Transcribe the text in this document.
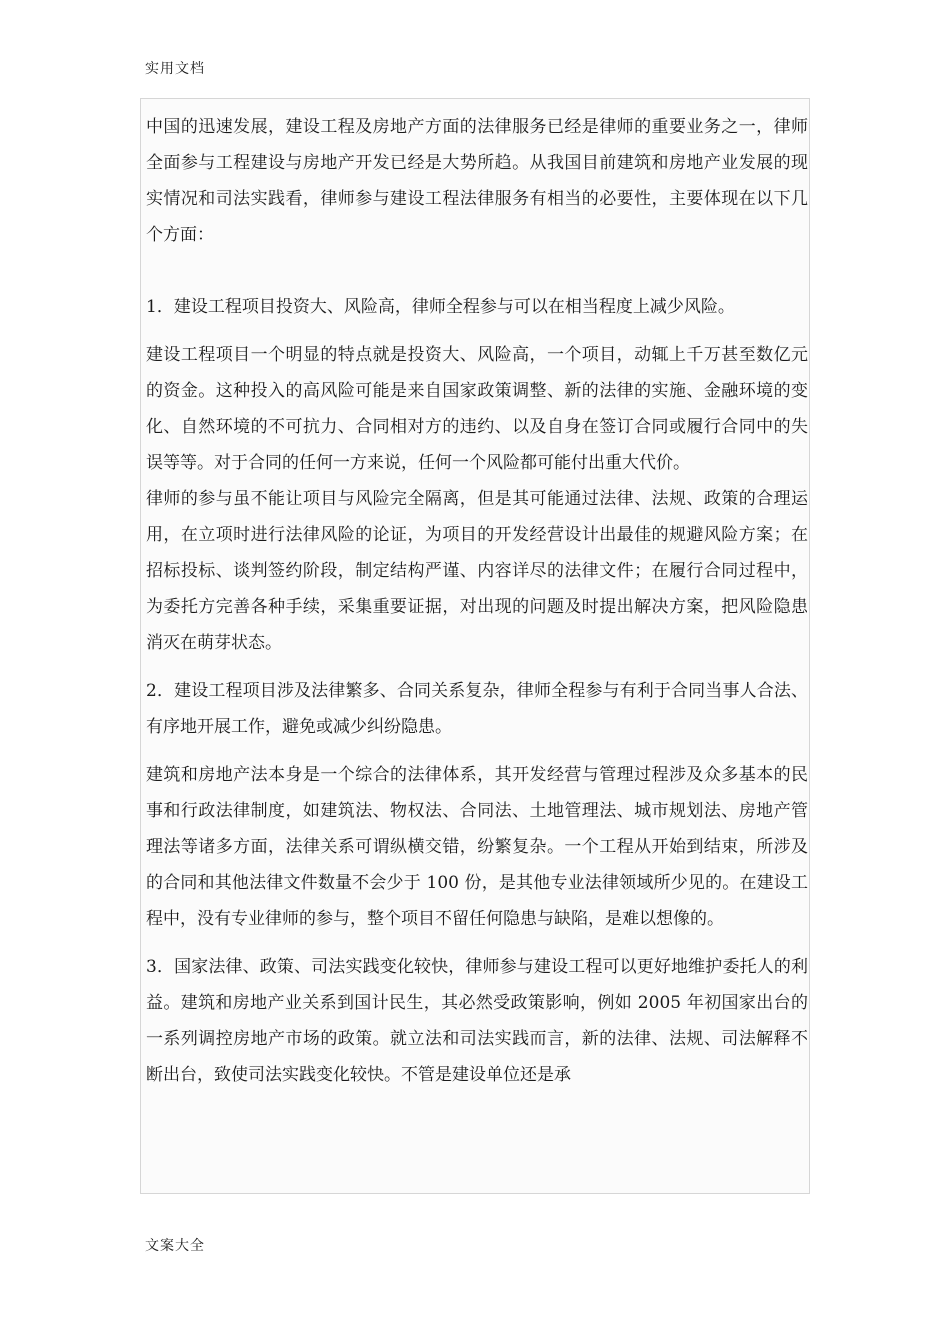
实用文档

中国的迅速发展，建设工程及房地产方面的法律服务已经是律师的重要业务之一，律师全面参与工程建设与房地产开发已经是大势所趋。从我国目前建筑和房地产业发展的现实情况和司法实践看，律师参与建设工程法律服务有相当的必要性，主要体现在以下几个方面：

1．建设工程项目投资大、风险高，律师全程参与可以在相当程度上减少风险。

建设工程项目一个明显的特点就是投资大、风险高，一个项目，动辄上千万甚至数亿元的资金。这种投入的高风险可能是来自国家政策调整、新的法律的实施、金融环境的变化、自然环境的不可抗力、合同相对方的违约、以及自身在签订合同或履行合同中的失误等等。对于合同的任何一方来说，任何一个风险都可能付出重大代价。

律师的参与虽不能让项目与风险完全隔离，但是其可能通过法律、法规、政策的合理运用，在立项时进行法律风险的论证，为项目的开发经营设计出最佳的规避风险方案；在招标投标、谈判签约阶段，制定结构严谨、内容详尽的法律文件；在履行合同过程中，为委托方完善各种手续，采集重要证据，对出现的问题及时提出解决方案，把风险隐患消灭在萌芽状态。

2．建设工程项目涉及法律繁多、合同关系复杂，律师全程参与有利于合同当事人合法、有序地开展工作，避免或减少纠纷隐患。

建筑和房地产法本身是一个综合的法律体系，其开发经营与管理过程涉及众多基本的民事和行政法律制度，如建筑法、物权法、合同法、土地管理法、城市规划法、房地产管理法等诸多方面，法律关系可谓纵横交错，纷繁复杂。一个工程从开始到结束，所涉及的合同和其他法律文件数量不会少于 100 份，是其他专业法律领域所少见的。在建设工程中，没有专业律师的参与，整个项目不留任何隐患与缺陷，是难以想像的。

3．国家法律、政策、司法实践变化较快，律师参与建设工程可以更好地维护委托人的利益。建筑和房地产业关系到国计民生，其必然受政策影响，例如 2005 年初国家出台的一系列调控房地产市场的政策。就立法和司法实践而言，新的法律、法规、司法解释不断出台，致使司法实践变化较快。不管是建设单位还是承

文案大全
